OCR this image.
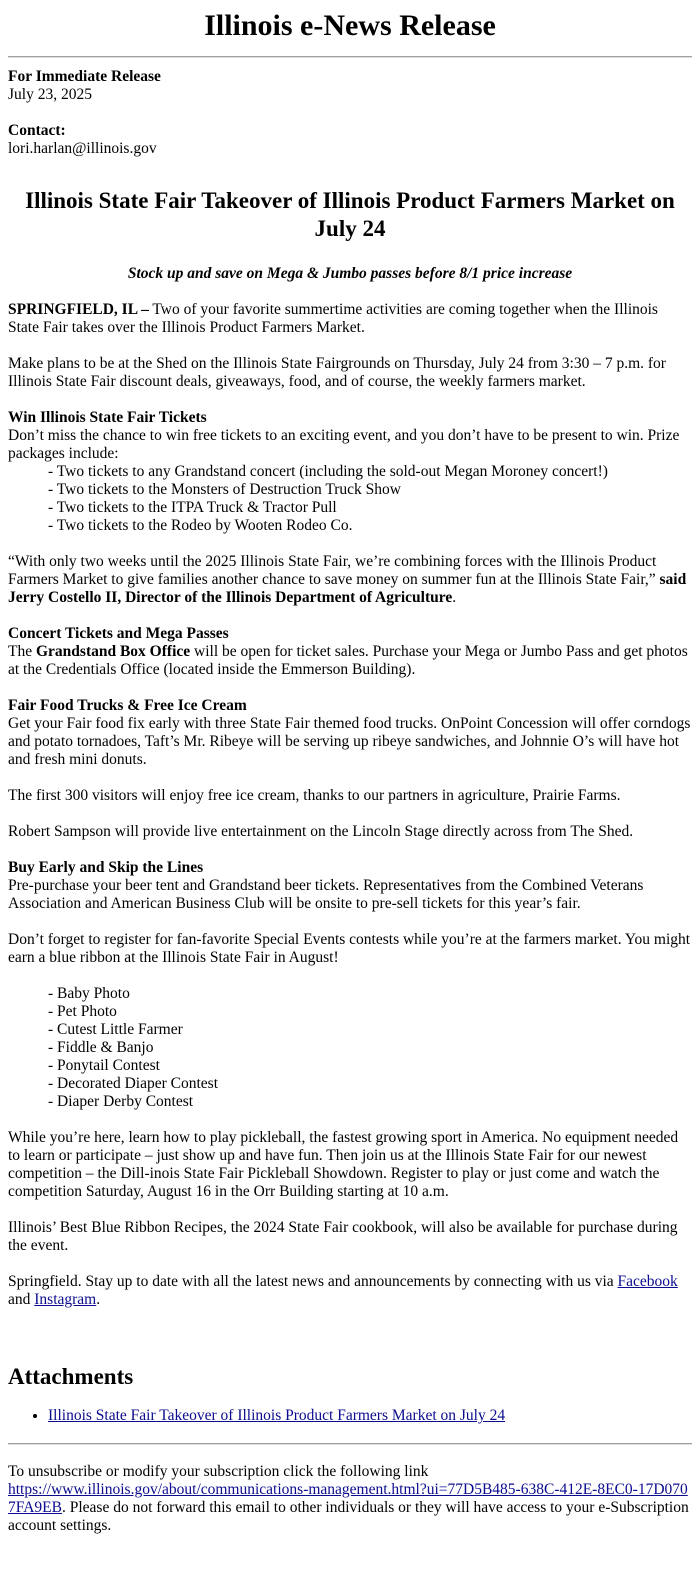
Illinois e-News Release

For Immediate Release
July 23, 2025

Contact:
lori.harlan@illinois.gov

Illinois State Fair Takeover of Illinois Product Farmers Market on July 24

Stock up and save on Mega & Jumbo passes before 8/1 price increase

SPRINGFIELD, IL – Two of your favorite summertime activities are coming together when the Illinois State Fair takes over the Illinois Product Farmers Market.

Make plans to be at the Shed on the Illinois State Fairgrounds on Thursday, July 24 from 3:30 – 7 p.m. for Illinois State Fair discount deals, giveaways, food, and of course, the weekly farmers market.

Win Illinois State Fair Tickets
Don’t miss the chance to win free tickets to an exciting event, and you don’t have to be present to win. Prize packages include:

- Two tickets to any Grandstand concert (including the sold-out Megan Moroney concert!)
- Two tickets to the Monsters of Destruction Truck Show
- Two tickets to the ITPA Truck & Tractor Pull
- Two tickets to the Rodeo by Wooten Rodeo Co.

“With only two weeks until the 2025 Illinois State Fair, we’re combining forces with the Illinois Product Farmers Market to give families another chance to save money on summer fun at the Illinois State Fair,” said Jerry Costello II, Director of the Illinois Department of Agriculture.

Concert Tickets and Mega Passes
The Grandstand Box Office will be open for ticket sales. Purchase your Mega or Jumbo Pass and get photos at the Credentials Office (located inside the Emmerson Building).

Fair Food Trucks & Free Ice Cream
Get your Fair food fix early with three State Fair themed food trucks. OnPoint Concession will offer corndogs and potato tornadoes, Taft’s Mr. Ribeye will be serving up ribeye sandwiches, and Johnnie O’s will have hot and fresh mini donuts.

The first 300 visitors will enjoy free ice cream, thanks to our partners in agriculture, Prairie Farms.

Robert Sampson will provide live entertainment on the Lincoln Stage directly across from The Shed.

Buy Early and Skip the Lines
Pre-purchase your beer tent and Grandstand beer tickets. Representatives from the Combined Veterans Association and American Business Club will be onsite to pre-sell tickets for this year’s fair.

Don’t forget to register for fan-favorite Special Events contests while you’re at the farmers market. You might earn a blue ribbon at the Illinois State Fair in August!

- Baby Photo
- Pet Photo
- Cutest Little Farmer
- Fiddle & Banjo
- Ponytail Contest
- Decorated Diaper Contest
- Diaper Derby Contest

While you’re here, learn how to play pickleball, the fastest growing sport in America. No equipment needed to learn or participate – just show up and have fun. Then join us at the Illinois State Fair for our newest competition – the Dill-inois State Fair Pickleball Showdown. Register to play or just come and watch the competition Saturday, August 16 in the Orr Building starting at 10 a.m.

Illinois’ Best Blue Ribbon Recipes, the 2024 State Fair cookbook, will also be available for purchase during the event.

Springfield. Stay up to date with all the latest news and announcements by connecting with us via Facebook and Instagram.

Attachments
• Illinois State Fair Takeover of Illinois Product Farmers Market on July 24

To unsubscribe or modify your subscription click the following link
https://www.illinois.gov/about/communications-management.html?ui=77D5B485-638C-412E-8EC0-17D0707FA9EB. Please do not forward this email to other individuals or they will have access to your e-Subscription account settings.
